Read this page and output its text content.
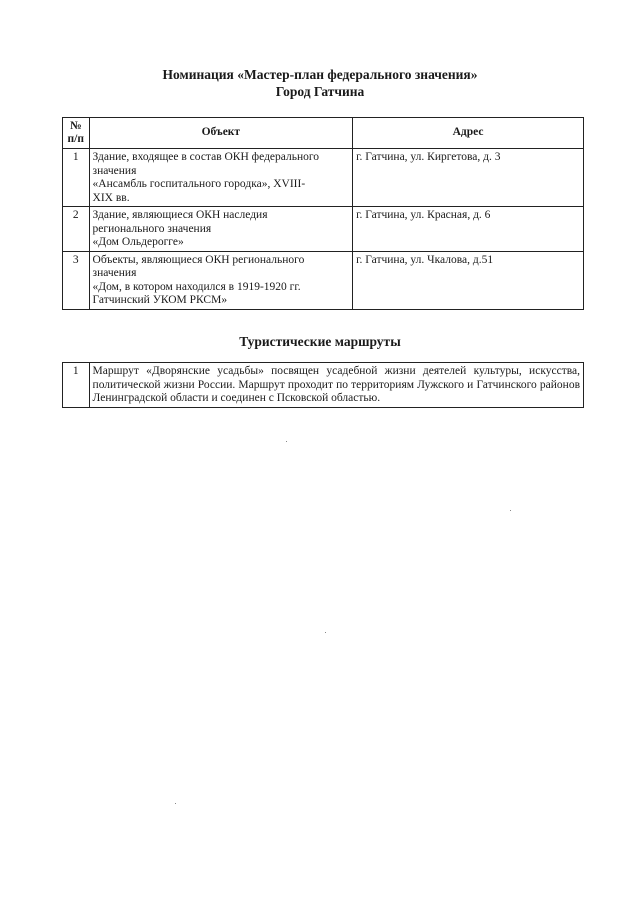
Номинация «Мастер-план федерального значения»
Город Гатчина
№
п/п	Объект	Адрес
1	Здание, входящее в состав ОКН федерального
значения
«Ансамбль госпитального городка», XVIII-
XIX вв.	г. Гатчина, ул. Киргетова, д. 3
2	Здание, являющиеся ОКН наследия
регионального значения
«Дом Ольдерогге»	г. Гатчина, ул. Красная, д. 6
3	Объекты, являющиеся ОКН регионального
значения
«Дом, в котором находился в 1919-1920 гг.
Гатчинский УКОМ РКСМ»	г. Гатчина, ул. Чкалова, д.51
Туристические маршруты
1	Маршрут «Дворянские усадьбы» посвящен усадебной жизни деятелей культуры, искусства, политической жизни России. Маршрут проходит по территориям Лужского и Гатчинского районов Ленинградской области и соединен с Псковской областью.
